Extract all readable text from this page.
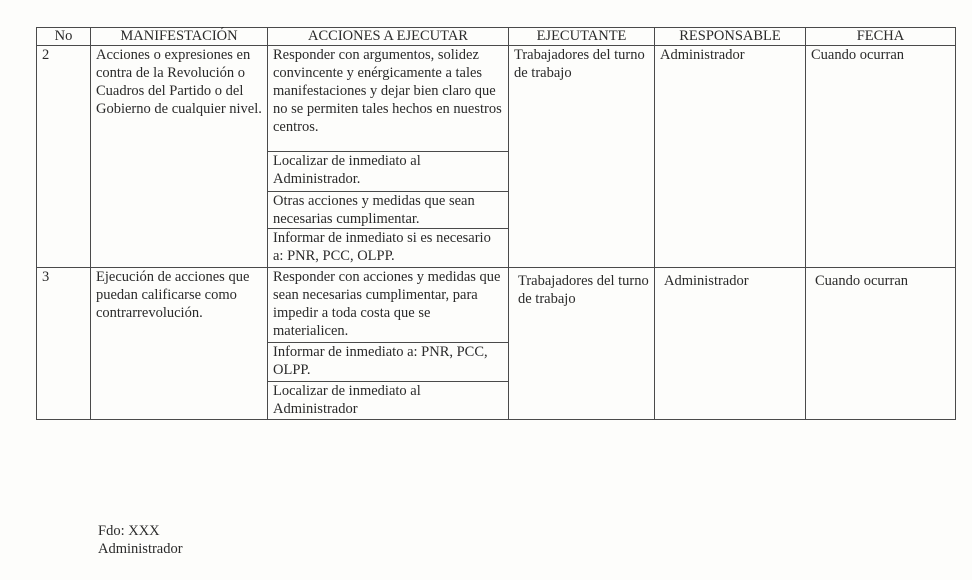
No	MANIFESTACIÓN	ACCIONES A EJECUTAR	EJECUTANTE	RESPONSABLE	FECHA
2	Acciones o expresiones en contra de la Revolución o Cuadros del Partido o del Gobierno de cualquier nivel.	Responder con argumentos, solidez convincente y enérgicamente a tales manifestaciones y dejar bien claro que no se permiten tales hechos en nuestros centros.	Trabajadores del turno de trabajo	Administrador	Cuando ocurran
		Localizar de inmediato al Administrador.			
		Otras acciones y medidas que sean necesarias cumplimentar.			
		Informar de inmediato si es necesario a: PNR, PCC, OLPP.			
3	Ejecución de acciones que puedan calificarse como contrarrevolución.	Responder con acciones y medidas que sean necesarias cumplimentar, para impedir a toda costa que se materialicen.	Trabajadores del turno de trabajo	Administrador	Cuando ocurran
		Informar de inmediato a: PNR, PCC, OLPP.			
		Localizar de inmediato al Administrador			
Fdo: XXX
Administrador
